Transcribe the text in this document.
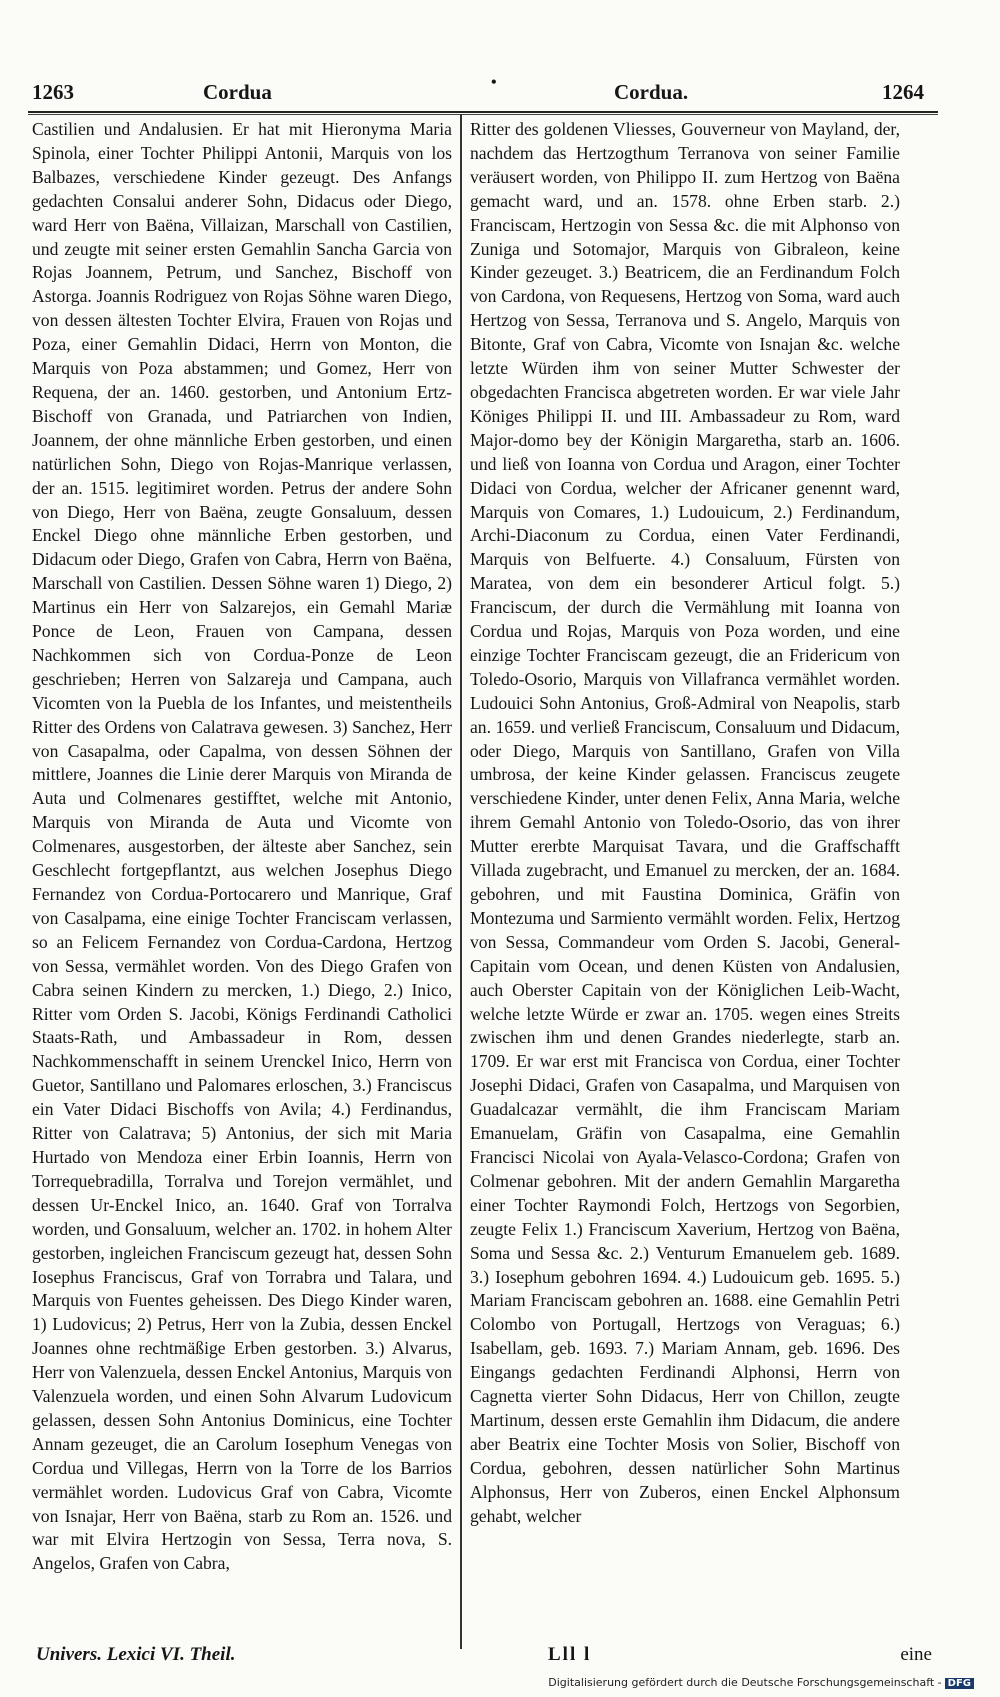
1263	Cordua	•	Cordua.	1264

Castilien und Andalusien. Er hat mit Hieronyma Maria Spinola, einer Tochter Philippi Antonii, Marquis von los Balbazes, verschiedene Kinder gezeugt. Des Anfangs gedachten Consalui anderer Sohn, Didacus oder Diego, ward Herr von Baëna, Villaizan, Marschall von Castilien, und zeugte mit seiner ersten Gemahlin Sancha Garcia von Rojas Joannem, Petrum, und Sanchez, Bischoff von Astorga. Joannis Rodriguez von Rojas Söhne waren Diego, von dessen ältesten Tochter Elvira, Frauen von Rojas und Poza, einer Gemahlin Didaci, Herrn von Monton, die Marquis von Poza abstammen; und Gomez, Herr von Requena, der an. 1460. gestorben, und Antonium Ertz-Bischoff von Granada, und Patriarchen von Indien, Joannem, der ohne männliche Erben gestorben, und einen natürlichen Sohn, Diego von Rojas-Manrique verlassen, der an. 1515. legitimiret worden. Petrus der andere Sohn von Diego, Herr von Baëna, zeugte Gonsaluum, dessen Enckel Diego ohne männliche Erben gestorben, und Didacum oder Diego, Grafen von Cabra, Herrn von Baëna, Marschall von Castilien. Dessen Söhne waren 1) Diego, 2) Martinus ein Herr von Salzarejos, ein Gemahl Mariæ Ponce de Leon, Frauen von Campana, dessen Nachkommen sich von Cordua-Ponze de Leon geschrieben; Herren von Salzareja und Campana, auch Vicomten von la Puebla de los Infantes, und meistentheils Ritter des Ordens von Calatrava gewesen. 3) Sanchez, Herr von Casapalma, oder Capalma, von dessen Söhnen der mittlere, Joannes die Linie derer Marquis von Miranda de Auta und Colmenares gestifftet, welche mit Antonio, Marquis von Miranda de Auta und Vicomte von Colmenares, ausgestorben, der älteste aber Sanchez, sein Geschlecht fortgepflantzt, aus welchen Josephus Diego Fernandez von Cordua-Portocarero und Manrique, Graf von Casalpama, eine einige Tochter Franciscam verlassen, so an Felicem Fernandez von Cordua-Cardona, Hertzog von Sessa, vermählet worden. Von des Diego Grafen von Cabra seinen Kindern zu mercken, 1.) Diego, 2.) Inico, Ritter vom Orden S. Jacobi, Königs Ferdinandi Catholici Staats-Rath, und Ambassadeur in Rom, dessen Nachkommenschafft in seinem Urenckel Inico, Herrn von Guetor, Santillano und Palomares erloschen, 3.) Franciscus ein Vater Didaci Bischoffs von Avila; 4.) Ferdinandus, Ritter von Calatrava; 5) Antonius, der sich mit Maria Hurtado von Mendoza einer Erbin Ioannis, Herrn von Torrequebradilla, Torralva und Torejon vermählet, und dessen Ur-Enckel Inico, an. 1640. Graf von Torralva worden, und Gonsaluum, welcher an. 1702. in hohem Alter gestorben, ingleichen Franciscum gezeugt hat, dessen Sohn Iosephus Franciscus, Graf von Torrabra und Talara, und Marquis von Fuentes geheissen. Des Diego Kinder waren, 1) Ludovicus; 2) Petrus, Herr von la Zubia, dessen Enckel Joannes ohne rechtmäßige Erben gestorben. 3.) Alvarus, Herr von Valenzuela, dessen Enckel Antonius, Marquis von Valenzuela worden, und einen Sohn Alvarum Ludovicum gelassen, dessen Sohn Antonius Dominicus, eine Tochter Annam gezeuget, die an Carolum Iosephum Venegas von Cordua und Villegas, Herrn von la Torre de los Barrios vermählet worden. Ludovicus Graf von Cabra, Vicomte von Isnajar, Herr von Baëna, starb zu Rom an. 1526. und war mit Elvira Hertzogin von Sessa, Terra nova, S. Angelos, Grafen von Cabra,

Ritter des goldenen Vliesses, Gouverneur von Mayland, der, nachdem das Hertzogthum Terranova von seiner Familie veräusert worden, von Philippo II. zum Hertzog von Baëna gemacht ward, und an. 1578. ohne Erben starb. 2.) Franciscam, Hertzogin von Sessa &c. die mit Alphonso von Zuniga und Sotomajor, Marquis von Gibraleon, keine Kinder gezeuget. 3.) Beatricem, die an Ferdinandum Folch von Cardona, von Requesens, Hertzog von Soma, ward auch Hertzog von Sessa, Terranova und S. Angelo, Marquis von Bitonte, Graf von Cabra, Vicomte von Isnajan &c. welche letzte Würden ihm von seiner Mutter Schwester der obgedachten Francisca abgetreten worden. Er war viele Jahr Königes Philippi II. und III. Ambassadeur zu Rom, ward Major-domo bey der Königin Margaretha, starb an. 1606. und ließ von Ioanna von Cordua und Aragon, einer Tochter Didaci von Cordua, welcher der Africaner genennt ward, Marquis von Comares, 1.) Ludouicum, 2.) Ferdinandum, Archi-Diaconum zu Cordua, einen Vater Ferdinandi, Marquis von Belfuerte. 4.) Consaluum, Fürsten von Maratea, von dem ein besonderer Articul folgt. 5.) Franciscum, der durch die Vermählung mit Ioanna von Cordua und Rojas, Marquis von Poza worden, und eine einzige Tochter Franciscam gezeugt, die an Fridericum von Toledo-Osorio, Marquis von Villafranca vermählet worden. Ludouici Sohn Antonius, Groß-Admiral von Neapolis, starb an. 1659. und verließ Franciscum, Consaluum und Didacum, oder Diego, Marquis von Santillano, Grafen von Villa umbrosa, der keine Kinder gelassen. Franciscus zeugete verschiedene Kinder, unter denen Felix, Anna Maria, welche ihrem Gemahl Antonio von Toledo-Osorio, das von ihrer Mutter ererbte Marquisat Tavara, und die Graffschafft Villada zugebracht, und Emanuel zu mercken, der an. 1684. gebohren, und mit Faustina Dominica, Gräfin von Montezuma und Sarmiento vermählt worden. Felix, Hertzog von Sessa, Commandeur vom Orden S. Jacobi, General-Capitain vom Ocean, und denen Küsten von Andalusien, auch Oberster Capitain von der Königlichen Leib-Wacht, welche letzte Würde er zwar an. 1705. wegen eines Streits zwischen ihm und denen Grandes niederlegte, starb an. 1709. Er war erst mit Francisca von Cordua, einer Tochter Josephi Didaci, Grafen von Casapalma, und Marquisen von Guadalcazar vermählt, die ihm Franciscam Mariam Emanuelam, Gräfin von Casapalma, eine Gemahlin Francisci Nicolai von Ayala-Velasco-Cordona; Grafen von Colmenar gebohren. Mit der andern Gemahlin Margaretha einer Tochter Raymondi Folch, Hertzogs von Segorbien, zeugte Felix 1.) Franciscum Xaverium, Hertzog von Baëna, Soma und Sessa &c. 2.) Venturum Emanuelem geb. 1689. 3.) Iosephum gebohren 1694. 4.) Ludouicum geb. 1695. 5.) Mariam Franciscam gebohren an. 1688. eine Gemahlin Petri Colombo von Portugall, Hertzogs von Veraguas; 6.) Isabellam, geb. 1693. 7.) Mariam Annam, geb. 1696. Des Eingangs gedachten Ferdinandi Alphonsi, Herrn von Cagnetta vierter Sohn Didacus, Herr von Chillon, zeugte Martinum, dessen erste Gemahlin ihm Didacum, die andere aber Beatrix eine Tochter Mosis von Solier, Bischoff von Cordua, gebohren, dessen natürlicher Sohn Martinus Alphonsus, Herr von Zuberos, einen Enckel Alphonsum gehabt, welcher

Univers. Lexici VI. Theil.	Lll l	eine
Digitalisierung gefördert durch die Deutsche Forschungsgemeinschaft - DFG
